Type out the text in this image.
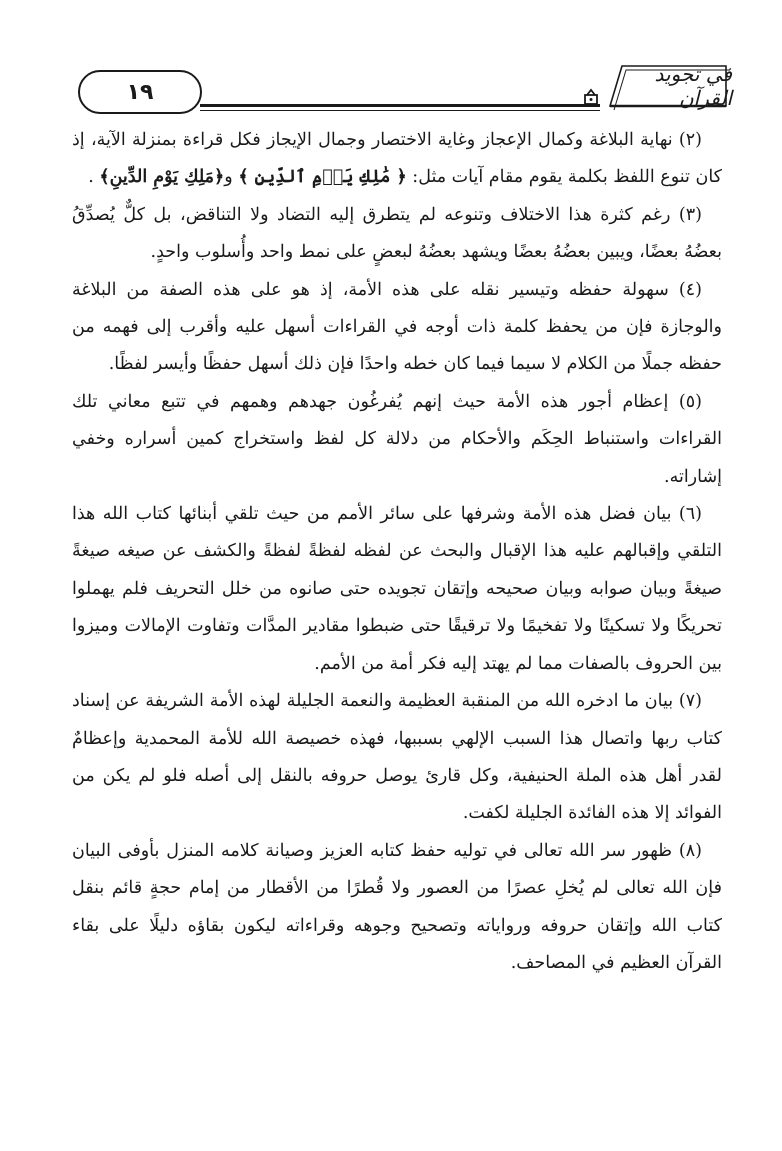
١٩
في تجويد القرآن

(٢) نهاية البلاغة وكمال الإعجاز وغاية الاختصار وجمال الإيجاز فكل قراءة بمنزلة الآية، إذ كان تنوع اللفظ بكلمة يقوم مقام آيات مثل: ﴿ مَٰلِكِ يَوۡمِ ٱلدِّينِ ﴾ و﴿مَلِكِ يَوْمِ الدِّينِ﴾ .

(٣) رغم كثرة هذا الاختلاف وتنوعه لم يتطرق إليه التضاد ولا التناقض، بل كلٌّ يُصدِّقُ بعضُهُ بعضًا، ويبين بعضُهُ بعضًا ويشهد بعضُهُ لبعضٍ على نمط واحد وأُسلوب واحدٍ.

(٤) سهولة حفظه وتيسير نقله على هذه الأمة، إذ هو على هذه الصفة من البلاغة والوجازة فإن من يحفظ كلمة ذات أوجه في القراءات أسهل عليه وأقرب إلى فهمه من حفظه جملًا من الكلام لا سيما فيما كان خطه واحدًا فإن ذلك أسهل حفظًا وأيسر لفظًا.

(٥) إعظام أجور هذه الأمة حيث إنهم يُفرغُون جهدهم وهمهم في تتبع معاني تلك القراءات واستنباط الحِكَم والأحكام من دلالة كل لفظ واستخراج كمين أسراره وخفي إشاراته.

(٦) بيان فضل هذه الأمة وشرفها على سائر الأمم من حيث تلقي أبنائها كتاب الله هذا التلقي وإقبالهم عليه هذا الإقبال والبحث عن لفظه لفظةً لفظةً والكشف عن صيغه صيغةً صيغةً وبيان صوابه وبيان صحيحه وإتقان تجويده حتى صانوه من خلل التحريف فلم يهملوا تحريكًا ولا تسكينًا ولا تفخيمًا ولا ترقيقًا حتى ضبطوا مقادير المدَّات وتفاوت الإمالات وميزوا بين الحروف بالصفات مما لم يهتد إليه فكر أمة من الأمم.

(٧) بيان ما ادخره الله من المنقبة العظيمة والنعمة الجليلة لهذه الأمة الشريفة عن إسناد كتاب ربها واتصال هذا السبب الإلهي بسببها، فهذه خصيصة الله للأمة المحمدية وإعظامٌ لقدر أهل هذه الملة الحنيفية، وكل قارئ يوصل حروفه بالنقل إلى أصله فلو لم يكن من الفوائد إلا هذه الفائدة الجليلة لكفت.

(٨) ظهور سر الله تعالى في توليه حفظ كتابه العزيز وصيانة كلامه المنزل بأوفى البيان فإن الله تعالى لم يُخلِ عصرًا من العصور ولا قُطرًا من الأقطار من إمام حجةٍ قائم بنقل كتاب الله وإتقان حروفه ورواياته وتصحيح وجوهه وقراءاته ليكون بقاؤه دليلًا على بقاء القرآن العظيم في المصاحف.
